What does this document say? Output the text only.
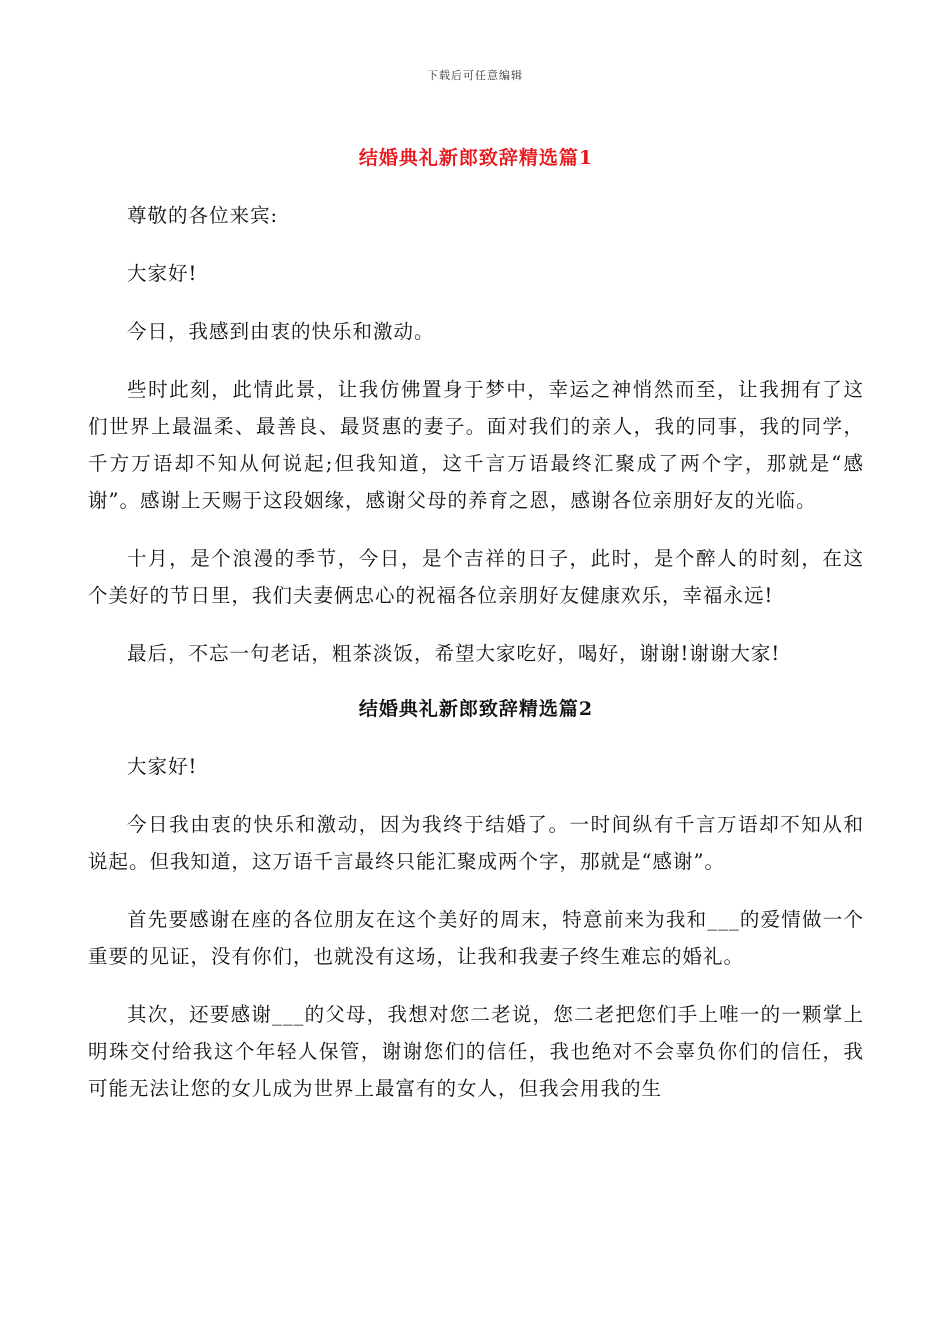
下载后可任意编辑
结婚典礼新郎致辞精选篇1

尊敬的各位来宾:

大家好!

今日，我感到由衷的快乐和激动。

些时此刻，此情此景，让我仿佛置身于梦中，幸运之神悄然而至，让我拥有了这们世界上最温柔、最善良、最贤惠的妻子。面对我们的亲人，我的同事，我的同学，千方万语却不知从何说起;但我知道，这千言万语最终汇聚成了两个字，那就是“感谢”。感谢上天赐于这段姻缘，感谢父母的养育之恩，感谢各位亲朋好友的光临。

十月，是个浪漫的季节，今日，是个吉祥的日子，此时，是个醉人的时刻，在这个美好的节日里，我们夫妻俩忠心的祝福各位亲朋好友健康欢乐，幸福永远!

最后，不忘一句老话，粗茶淡饭，希望大家吃好，喝好，谢谢!谢谢大家!

结婚典礼新郎致辞精选篇2

大家好!

今日我由衷的快乐和激动，因为我终于结婚了。一时间纵有千言万语却不知从和说起。但我知道，这万语千言最终只能汇聚成两个字，那就是“感谢”。

首先要感谢在座的各位朋友在这个美好的周末，特意前来为我和___的爱情做一个重要的见证，没有你们，也就没有这场，让我和我妻子终生难忘的婚礼。

其次，还要感谢___的父母，我想对您二老说，您二老把您们手上唯一的一颗掌上明珠交付给我这个年轻人保管，谢谢您们的信任，我也绝对不会辜负你们的信任，我可能无法让您的女儿成为世界上最富有的女人，但我会用我的生
